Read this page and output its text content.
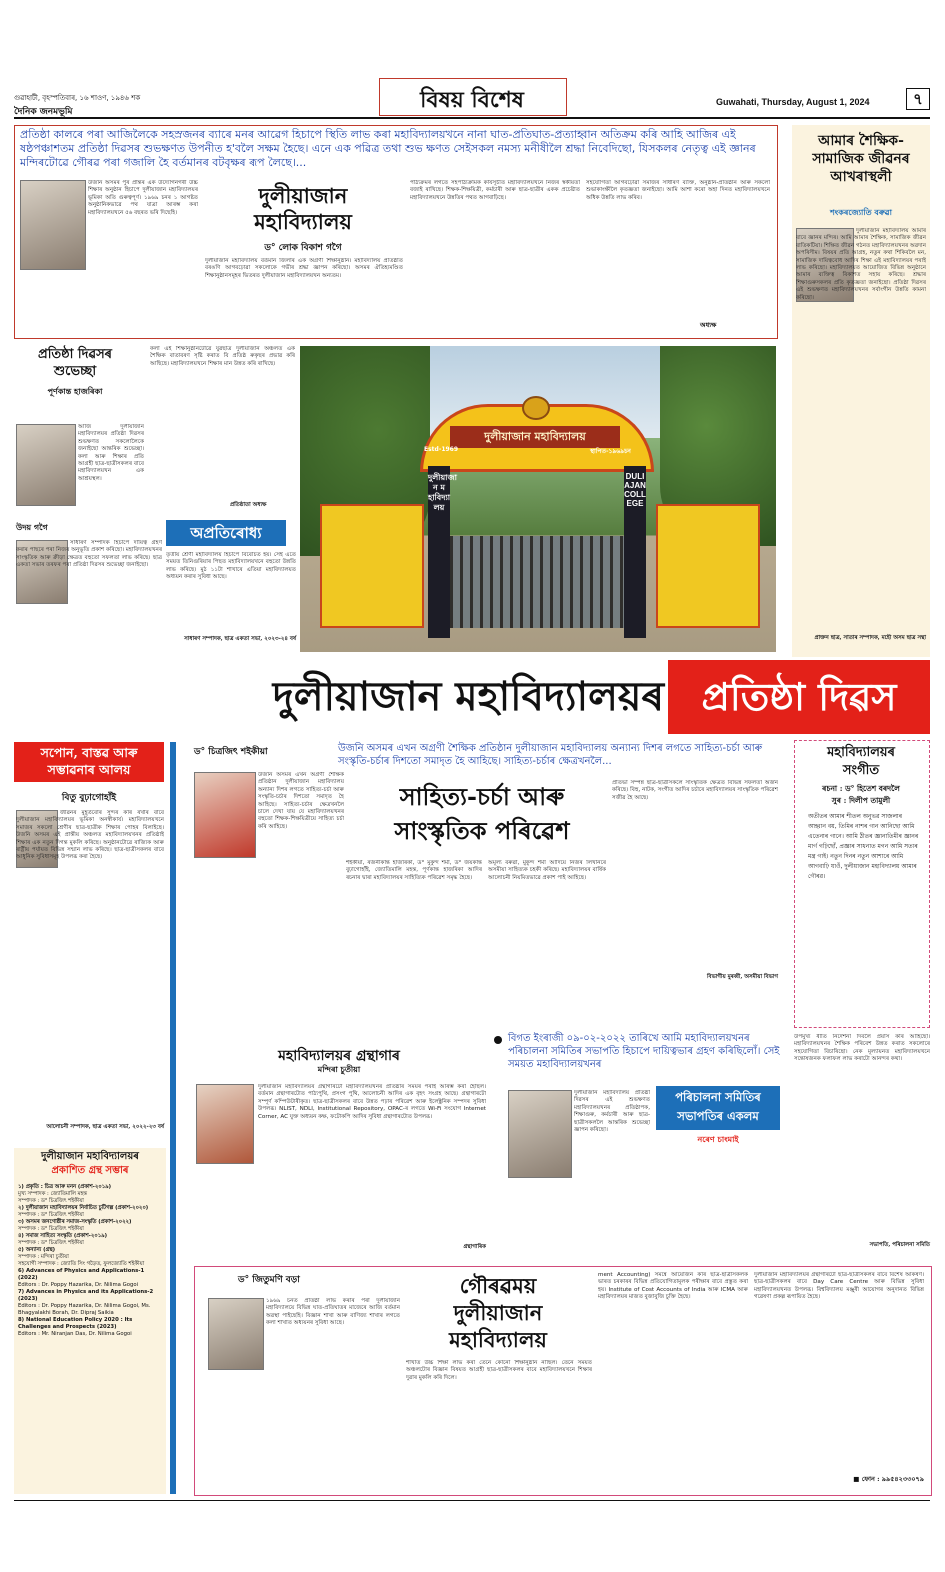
গুৱাহাটী, বৃহস্পতিবাৰ, ১৬ শাওণ, ১৯৪৬ শক
দৈনিক জনমভূমি	বিষয় বিশেষ	Guwahati, Thursday, August 1, 2024	৭
প্ৰতিষ্ঠা কালৰে পৰা আজিলৈকে সহস্ৰজনৰ ব্যাৰে মনৰ আৱেগ হিচাপে স্থিতি লাভ কৰা মহাবিদ্যালয়খনে নানা ঘাত-প্ৰতিঘাত-প্ৰত্যাহ্বান অতিক্ৰম কৰি আহি আজিৰ এই ষষ্ঠপঞ্চাশতম প্ৰতিষ্ঠা দিৱসৰ শুভক্ষণত উপনীত হ'বলৈ সক্ষম হৈছে। এনে এক পৱিত্ৰ তথা শুভ ক্ষণত সেইসকল নমস্য মনীষীলৈ শ্ৰদ্ধা নিবেদিছো, যিসকলৰ নেতৃত্ব এই জ্ঞানৰ মন্দিৰটোৱে গৌৰৱ পৰা গজালি হৈ বৰ্তমানৰ বটবৃক্ষৰ ৰূপ লৈছে।...
উজনি অসমৰ পুৰ প্ৰান্তৰ এক উদ্যোগনগৰী উচ্চ শিক্ষাৰ অনুষ্ঠান হিচাপে দুলীয়াজান মহাবিদ্যালয়ৰ ভূমিকা অতি গুৰুত্বপূৰ্ণ। ১৯৬৯ চনৰ ১ আগষ্টত অনুষ্ঠানিকভাৱে পথ যাত্ৰা আৰম্ভ কৰা মহাবিদ্যালয়খনে ৫৬ বছৰত ভৰি দিছেহি।
দুলীয়াজান
মহাবিদ্যালয়
ড° লোক বিকাশ গগৈ
দুলীয়াজান মহাবিদ্যালয় বৰ্তমান জিলাৰ এক অগ্ৰণী শিক্ষানুষ্ঠান। মহাবিদ্যালয় প্ৰতিষ্ঠাত বৰঙণি আগবঢ়োৱা সকলোকে গভীৰ শ্ৰদ্ধা জ্ঞাপন কৰিছো। অসমৰ ঐতিহ্যমণ্ডিত শিক্ষানুষ্ঠানসমূহৰ ভিতৰত দুলীয়াজান মহাবিদ্যালয়খন অন্যতম।
পাঠ্যক্ৰমৰ লগতে সহপাঠ্যক্ৰমিক কাৰ্যসূচীত মহাবিদ্যালয়খনে নিজৰ স্বকীয়তা বজাই ৰাখিছে। শিক্ষক-শিক্ষয়িত্ৰী, কৰ্মচাৰী আৰু ছাত্ৰ-ছাত্ৰীৰ একক প্ৰচেষ্টাত মহাবিদ্যালয়খনে উন্নতিৰ পথত আগবাঢ়িছে।
সহযোগিতা আগবঢ়োৱা সমাজৰ সাধাৰণ ব্যক্তি, অনুষ্ঠান-প্ৰতিষ্ঠান আৰু সকলো শুভাকাংক্ষীলৈ কৃতজ্ঞতা জনাইছো। আমি আশা কৰো অহা দিনত মহাবিদ্যালয়খনে অধিক উন্নতি লাভ কৰিব।
অধ্যক্ষ
আমাৰ শৈক্ষিক-
সামাজিক জীৱনৰ
আখৰাস্থলী
শংকৰজ্যোতি বৰুৱা
দুলীয়াজান মহাবিদ্যালয় আমাৰ বাবে জ্ঞানৰ মন্দিৰ। আমি আমাৰ শৈক্ষিক, সামাজিক জীৱন বাতিকটিয়া। শিক্ষিত জীৱন গঠনত মহাবিদ্যালয়খনৰ অৱদান অপৰিসীম। বিষয়ৰ প্ৰতি আগ্ৰহ, নতুন কথা শিকিবলৈ মন, সামাজিক দায়িত্ববোধ আদিৰ শিক্ষা এই মহাবিদ্যালয়ৰ পৰাই লাভ কৰিছো। মহাবিদ্যালয়ত আয়োজিত বিভিন্ন অনুষ্ঠানে আমাৰ ব্যক্তিত্ব বিকাশত সহায় কৰিছে। শ্ৰদ্ধাৰ শিক্ষাগুৰুসকলৰ প্ৰতি কৃতজ্ঞতা জনাইছো। প্ৰতিষ্ঠা দিৱসৰ এই শুভক্ষণত মহাবিদ্যালয়খনৰ সৰ্বাংগীন উন্নতি কামনা কৰিছো।
প্ৰাক্তন ছাত্ৰ, সাতাৰ সম্পাদক, মহৌ অসম ছাত্ৰ সন্থা
প্ৰতিষ্ঠা দিৱসৰ
শুভেচ্ছা
পূৰ্ণকান্ত হাজৰিকা
আজি দুলীয়াজান মহাবিদ্যালয়ৰ প্ৰতিষ্ঠা দিৱসৰ শুভক্ষণত সকলোলৈকে জনাইছো আন্তৰিক শুভেচ্ছা। কলা আৰু শিক্ষাৰ প্ৰতি আগ্ৰহী ছাত্ৰ-ছাত্ৰীসকলৰ বাবে মহাবিদ্যালয়খন এক আশ্ৰয়স্থল।
কলা এই শিক্ষানুষ্ঠানটোৱে যুৱছাত্ৰ দুলীয়াজান অঞ্চলত এক শৈক্ষিক বাতাবৰণ সৃষ্টি কৰাত বি প্ৰতিষ্ঠ ৰুকৃছৰ প্ৰভাৱ কৰি আছিছে। মহাবিদ্যালয়খনে শিক্ষাৰ মান উন্নত কৰি ৰাখিছে।
প্ৰতিষ্ঠাতা অধ্যক্ষ
উদয় গগৈ
সাধাৰণ সম্পাদক হিচাপে দায়িত্ব গ্ৰহণ কৰাৰ পাছৰে পৰা নিজৰ অনুভূতি প্ৰকাশ কৰিছো। মহাবিদ্যালয়খনৰ সাংস্কৃতিক আৰু ক্ৰীড়া ক্ষেত্ৰত বহুতো সফলতা লাভ কৰিছে। ছাত্ৰ একতা সভাৰ তৰফৰ পৰা প্ৰতিষ্ঠা দিৱসৰ শুভেচ্ছা জনাইছো।
অপ্ৰতিৰোধ্য
তৃতীয় শ্ৰেণী মহাবিদ্যালয় হিচাপে বিবেচিত হয়। সেই এতে সময়ত তিনিগুৰিয়াৰ পিছত মহাবিদ্যালয়খনে বহুতো উন্নতি লাভ কৰিছে। মুঠ ১১টা শাখাৰে এতিয়া মহাবিদ্যালয়ত অধ্যয়ন কৰাৰ সুবিধা আছে।
সাধাৰণ সম্পাদক, ছাত্ৰ একতা সভা, ২০২৩-২৪ বৰ্ষ
দুলীয়াজান মহাবিদ্যালয়
Estd-1969	স্থাপিত-১৯৬৯চন
দুলীয়াজান মহাবিদ্যালয়
DULIAJAN COLLEGE
দুলীয়াজান মহাবিদ্যালয়ৰ প্ৰতিষ্ঠা দিৱস
সপোন, বাস্তৱ আৰু
সম্ভাৱনাৰ আলয়
বিতু বুঢ়াগোহাঁই
জীৱনৰ মুহূৰ্তবোৰ সুন্দৰ কৰি ৰখাৰ বাবে দুলীয়াজান মহাবিদ্যালয়ৰ ভূমিকা অনস্বীকাৰ্য। মহাবিদ্যালয়খনে সমাজৰ সকলো শ্ৰেণীৰ ছাত্ৰ-ছাত্ৰীক শিক্ষাৰ পোহৰ বিলাইছে। উজনি অসমৰ এই প্ৰান্তীয় অঞ্চলত মহাবিদ্যালয়খনৰ প্ৰতিষ্ঠাই শিক্ষাৰ এক নতুন দিগন্ত মুকলি কৰিছে। অনুষ্ঠানটোৱে ৰাজ্যিক আৰু ৰাষ্ট্ৰীয় পৰ্যায়ত বিভিন্ন সন্মান লাভ কৰিছে। ছাত্ৰ-ছাত্ৰীসকলৰ বাবে আধুনিক সুবিধাসমূহ উপলব্ধ কৰা হৈছে।
আলোচনী সম্পাদক, ছাত্ৰ একতা সভা, ২০২২-২৩ বৰ্ষ
দুলীয়াজান মহাবিদ্যালয়ৰ
প্ৰকাশিত গ্ৰন্থ সম্ভাৰ
১) প্ৰকৃতি : চিত্ৰ আৰু মনন (প্ৰকাশ-২০১৯)
মুখ্য সম্পাদক : জ্যোতিমালি মহন্ত
সম্পাদক : ড° চিত্ৰজিৎ শইকীয়া
২) দুলীয়াজান মহাবিদ্যালয়ৰ নিৰ্বাচিত চুটিগল্প (প্ৰকাশ-২০২০)
সম্পাদক : ড° চিত্ৰজিৎ শইকীয়া
৩) অসমৰ জনগোষ্ঠীৰ সমাজ-সংস্কৃতি (প্ৰকাশ-২০২২)
সম্পাদক : ড° চিত্ৰজিৎ শইকীয়া
৪) সমাজ সাহিত্য সংস্কৃতি (প্ৰকাশ-২০১৯)
সম্পাদক : ড° চিত্ৰজিৎ শইকীয়া
৫) অন্যান্য (গ্ৰন্থ)
সম্পাদক : মন্দিৰা চুতীয়া
সহযোগী সম্পাদক : জ্যোতি সিং গড়ৈত, ফুলজ্যোতি শইকীয়া
6) Advances of Physics and Applications-1 (2022)
Editors : Dr. Poppy Hazarika, Dr. Nilima Gogoi
7) Advances in Physics and its Applications-2 (2023)
Editors : Dr. Poppy Hazarika, Dr. Nilima Gogoi, Ms. Bhagyalakhi Borah, Dr. Dipraj Saikia
8) National Education Policy 2020 : Its Challenges and Prospects (2023)
Editors : Mr. Niranjan Das, Dr. Nilima Gogoi
ড° চিত্ৰজিৎ শইকীয়া	উজনি অসমৰ এখন অগ্ৰণী শৈক্ষিক প্ৰতিষ্ঠান দুলীয়াজান মহাবিদ্যালয় অন্যান্য দিশৰ লগতে সাহিত্য-চৰ্চা আৰু সংস্কৃতি-চৰ্চাৰ দিশতো সমাদৃত হৈ আহিছে। সাহিত্য-চৰ্চাৰ ক্ষেত্ৰখনলৈ...
উজনি অসমৰ এখন অগ্ৰণী শৈক্ষিক প্ৰতিষ্ঠান দুলীয়াজান মহাবিদ্যালয় অন্যান্য দিশৰ লগতে সাহিত্য-চৰ্চা আৰু সংস্কৃতি-চৰ্চাৰ দিশতো সমাদৃত হৈ আহিছে। সাহিত্য-চৰ্চাৰ ক্ষেত্ৰখনলৈ চালে দেখা যায় যে মহাবিদ্যালয়খনৰ বহুতো শিক্ষক-শিক্ষয়িত্ৰীয়ে সাহিত্য চৰ্চা কৰি আহিছে।
সাহিত্য-চৰ্চা আৰু
সাংস্কৃতিক পৰিৱেশ
শইকীয়া, ৰজনীকান্ত হাজৰিকা, ড° মুকুন্দ শৰ্মা, ড° জয়কান্ত বুঢ়াগোহাঁই, জ্যোতিমালি মহন্ত, পূৰ্ণকান্ত হাজৰিকা আদিৰ ৰচনাৰ দ্বাৰা মহাবিদ্যালয়ৰ সাহিত্যিক পৰিৱেশ সমৃদ্ধ হৈছে।
অমূল্য বৰুৱা, মুকুন্দ শৰ্মা আদিয়ে নিজৰ লিখনিৰে অসমীয়া সাহিত্যক চহকী কৰিছে। মহাবিদ্যালয়ৰ বাৰ্ষিক আলোচনী নিয়মিতভাৱে প্ৰকাশ পাই আহিছে।
প্ৰতিভা সম্পন্ন ছাত্ৰ-ছাত্ৰীসকলে সাংস্কৃতিক ক্ষেত্ৰত বিভিন্ন সফলতা অৰ্জন কৰিছে। বিহু, নাটক, সংগীত আদিৰ চৰ্চাৰে মহাবিদ্যালয়ৰ সাংস্কৃতিক পৰিৱেশ সজীৱ হৈ আছে।
বিভাগীয় মুৰব্বী, অসমীয়া বিভাগ
মহাবিদ্যালয়ৰ
সংগীত
ৰচনা : ড° হিতেশ বৰদলৈ
সুৰ : দিলীপ তামুলী
অতীতৰ আমাৰ শীতল অনুভৱ সাজলাৰ আহ্বান বয়, তিমিৰ নাশৰ গান আনিছো আমি এতেনাৰ গানে। আমি ঠীতৰ জ্ঞানাতিমীৰ জ্ঞানৰ মাৰ্গ গঢ়িছোঁ, প্ৰজ্ঞাৰ সাধনাত মগন আমি সত্যৰ মন্ত্ৰ গাই। নতুন দিনৰ নতুন আশাৰে আমি আগবাঢ়ি যাওঁ, দুলীয়াজান মহাবিদ্যালয় আমাৰ গৌৰৱ।
মহাবিদ্যালয়ৰ গ্ৰন্থাগাৰ
মন্দিৰা চুতীয়া
দুলীয়াজান মহাবিদ্যালয়ৰ গ্ৰন্থাগাৰটো মহাবিদ্যালয়খনৰ প্ৰতিষ্ঠাৰ সময়ৰ পৰাই আৰম্ভ কৰা হৈছিল। বৰ্তমান গ্ৰন্থাগাৰটোত পাঠ্যপুথি, প্ৰসংগ পুথি, আলোচনী আদিৰ এক বৃহৎ সংগ্ৰহ আছে। গ্ৰন্থাগাৰটো সম্পূৰ্ণ কম্পিউটাৰীকৃত। ছাত্ৰ-ছাত্ৰীসকলৰ বাবে উন্নত পঢ়াৰ পৰিৱেশ আৰু ইলেক্ট্ৰনিক সম্পদৰ সুবিধা উপলব্ধ। NLIST, NDLI, Institutional Repository, OPAC-ৰ লগতে Wi-Fi সংযোগ Internet Corner, AC যুক্ত অধ্যয়ন কক্ষ, ফটোকপি আদিৰ সুবিধা গ্ৰন্থাগাৰটোত উপলব্ধ।
গ্ৰন্থাগাৰিক
বিগত ইংৰাজী ০৯-০২-২০২২ তাৰিখে আমি মহাবিদ্যালয়খনৰ পৰিচালনা সমিতিৰ সভাপতি হিচাপে দায়িত্বভাৰ গ্ৰহণ কৰিছিলোঁ। সেই সময়ত মহাবিদ্যালয়খনৰ
দুলীয়াজান মহাবিদ্যালয় প্ৰতিষ্ঠা দিৱসৰ এই শুভক্ষণত মহাবিদ্যালয়খনৰ প্ৰতিষ্ঠাপক, শিক্ষাগুৰু, কৰ্মচাৰী আৰু ছাত্ৰ-ছাত্ৰীসকললৈ আন্তৰিক শুভেচ্ছা জ্ঞাপন কৰিছো।
পৰিচালনা সমিতিৰ
সভাপতিৰ একলম
নৰেণ চাংমাই
উপমুখ্য ৰীতি নিৰ্দেশনা দিবলৈ প্ৰয়াস কৰি আহিছো। মহাবিদ্যালয়খনৰ শৈক্ষিক পৰিবেশ উন্নত কৰাত সকলোৰে সহযোগিতা বিচাৰিছো। নেক মূল্যায়নত মহাবিদ্যালয়খনে সন্তোষজনক ফলাফল লাভ কৰাটো আনন্দৰ কথা।
সভাপতি, পৰিচালনা সমিতি
ড° জিতুমণি বড়া
১৯৬৯ চনত প্ৰতিষ্ঠা লাভ কৰাৰ পৰা দুলীয়াজান মহাবিদ্যালয়ে বিভিন্ন ঘাত-প্ৰতিঘাতৰ মাজেৰে আজি বৰ্তমান অৱস্থা পাইছেহি। বিজ্ঞান শাখা আৰু বাণিজ্য শাখাৰ লগতে কলা শাখাত অধ্যয়নৰ সুবিধা আছে।
গৌৰৱময়
দুলীয়াজান
মহাবিদ্যালয়
শাখাত উচ্চ শিক্ষা লাভ কৰা তেনে কোনো শিক্ষানুষ্ঠান নাছিল। তেনে সময়ত অঞ্চলটোৰ বিজ্ঞান বিষয়ত আগ্ৰহী ছাত্ৰ-ছাত্ৰীসকলৰ বাবে মহাবিদ্যালয়খনে শিক্ষাৰ দুৱাৰ মুকলি কৰি দিলে।
ment Accounting) সমন্বে আয়োজন কৰি ছাত্ৰ-ছাত্ৰীসকলক ভাৰত চৰকাৰৰ বিভিন্ন প্ৰতিযোগিতামূলক পৰীক্ষাৰ বাবে প্ৰস্তুত কৰা হয়। Institute of Cost Accounts of India আৰু ICMA আৰু মহাবিদ্যালয়ৰ মাজত বুজাবুজি চুক্তি হৈছে।
দুলীয়াজান মহাবিদ্যালয়ৰ গ্ৰন্থাগাৰটো ছাত্ৰ-ছাত্ৰীসকলৰ বাবে বিশেষ আকৰ্ষণ। ছাত্ৰ-ছাত্ৰীসকলৰ বাবে Day Care Centre আৰু বিভিন্ন সুবিধা মহাবিদ্যালয়খনত উপলব্ধ। বিশ্ববিদ্যালয় মঞ্জুৰী আয়োগৰ অনুদানত বিভিন্ন গৱেষণা প্ৰকল্প ৰূপায়িত হৈছে।
■ ফোন : ৯৯৫৪২৩৩০৭৯
